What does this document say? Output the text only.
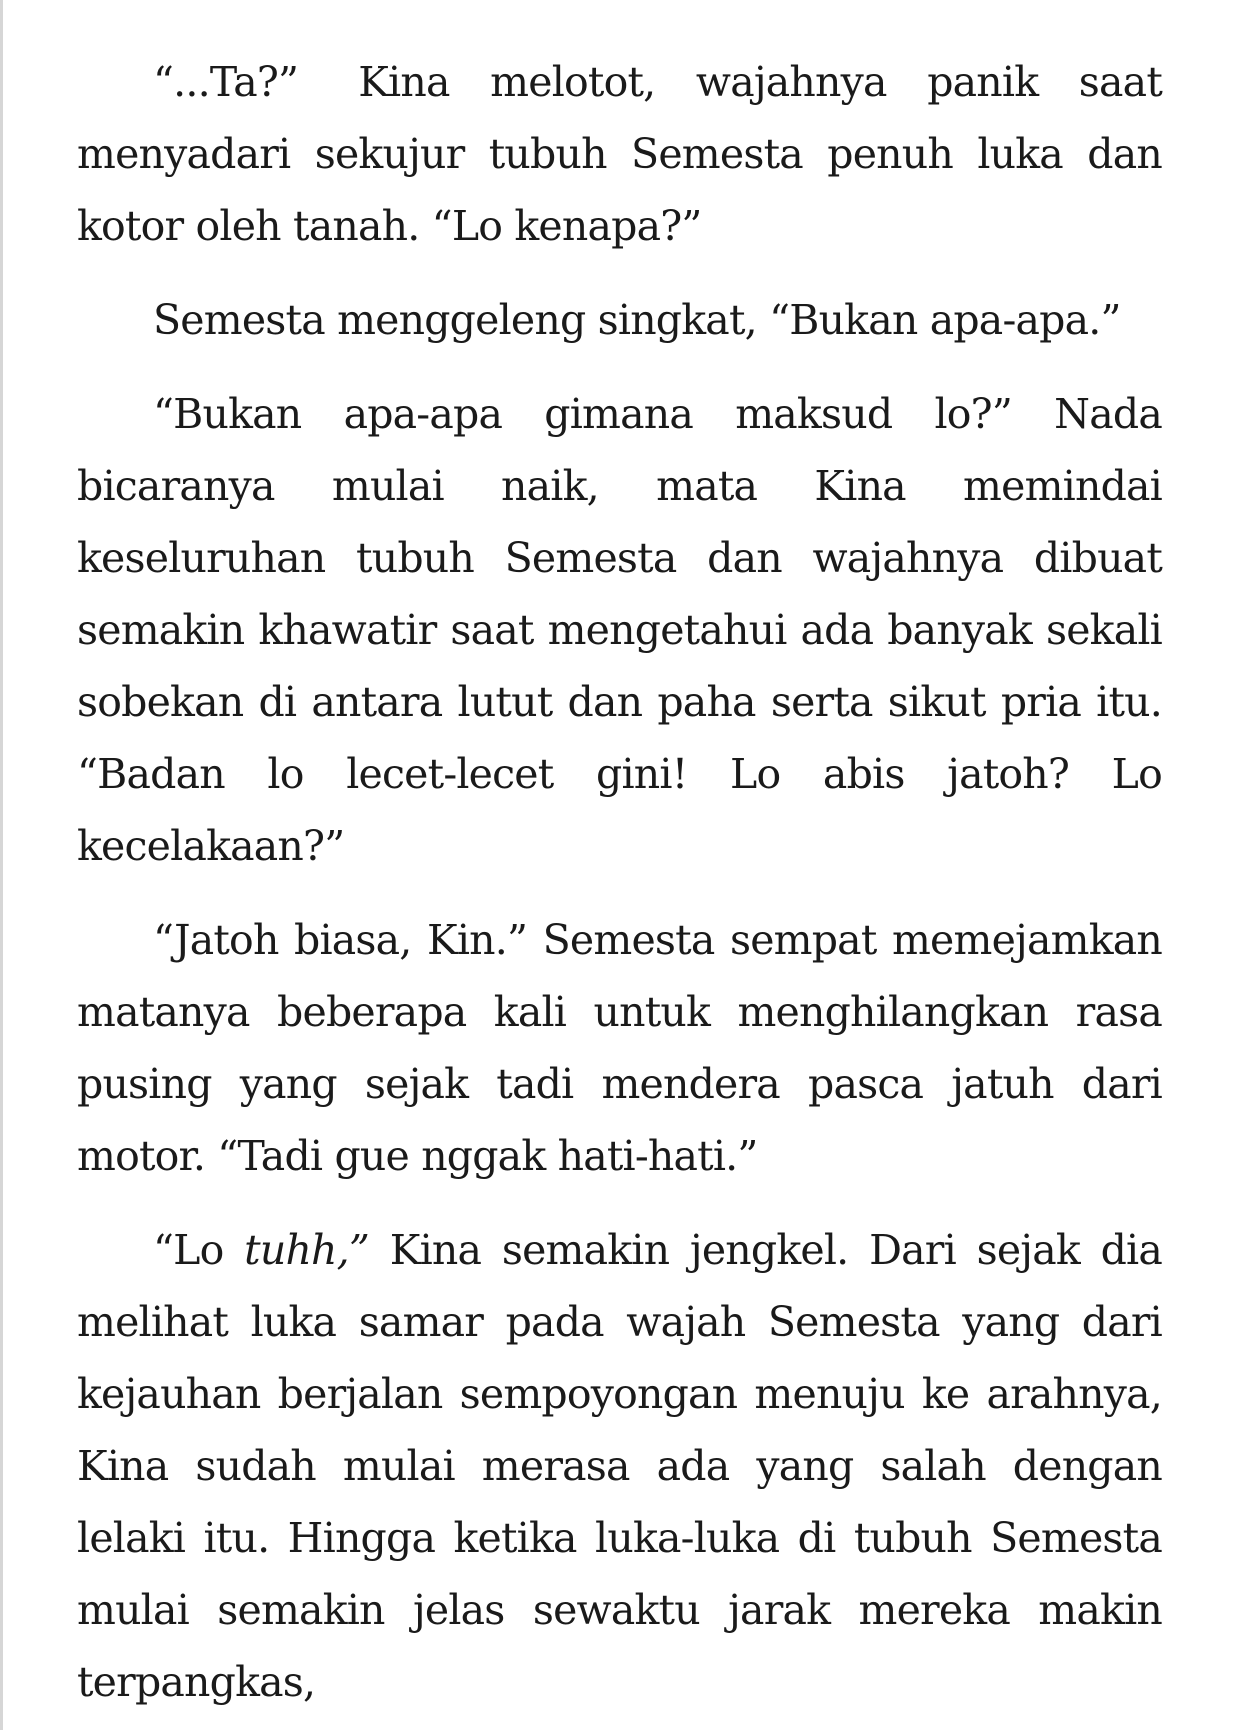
“...Ta?” Kina melotot, wajahnya panik saat menyadari sekujur tubuh Semesta penuh luka dan kotor oleh tanah. “Lo kenapa?”

Semesta menggeleng singkat, “Bukan apa-apa.”

“Bukan apa-apa gimana maksud lo?” Nada bicaranya mulai naik, mata Kina memindai keseluruhan tubuh Semesta dan wajahnya dibuat semakin khawatir saat mengetahui ada banyak sekali sobekan di antara lutut dan paha serta sikut pria itu. “Badan lo lecet-lecet gini! Lo abis jatoh? Lo kecelakaan?”

“Jatoh biasa, Kin.” Semesta sempat memejamkan matanya beberapa kali untuk menghilangkan rasa pusing yang sejak tadi mendera pasca jatuh dari motor. “Tadi gue nggak hati-hati.”

“Lo tuhh,” Kina semakin jengkel. Dari sejak dia melihat luka samar pada wajah Semesta yang dari kejauhan berjalan sempoyongan menuju ke arahnya, Kina sudah mulai merasa ada yang salah dengan lelaki itu. Hingga ketika luka-luka di tubuh Semesta mulai semakin jelas sewaktu jarak mereka makin terpangkas,
